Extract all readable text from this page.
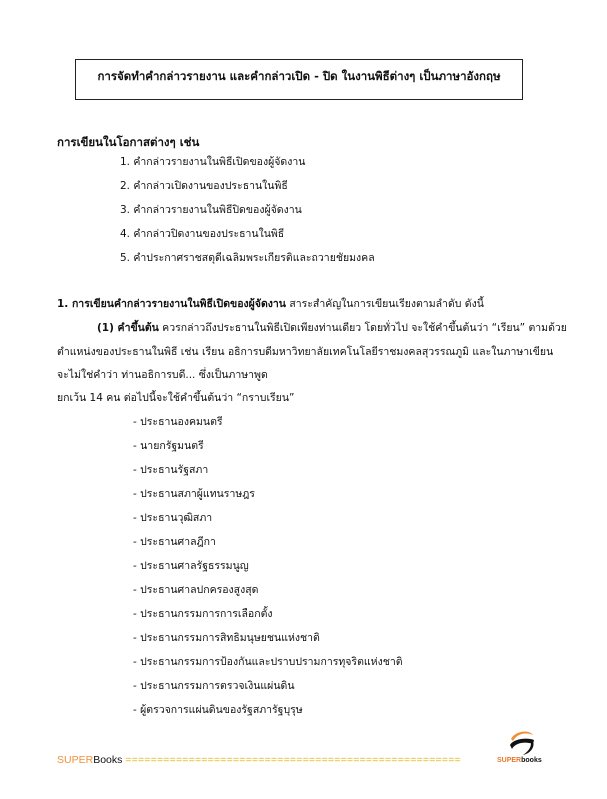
การจัดทำคำกล่าวรายงาน และคำกล่าวเปิด - ปิด ในงานพิธีต่างๆ เป็นภาษาอังกฤษ
การเขียนในโอกาสต่างๆ เช่น
1. คำกล่าวรายงานในพิธีเปิดของผู้จัดงาน
2. คำกล่าวเปิดงานของประธานในพิธี
3. คำกล่าวรายงานในพิธีปิดของผู้จัดงาน
4. คำกล่าวปิดงานของประธานในพิธี
5. คำประกาศราชสดุดีเฉลิมพระเกียรติและถวายชัยมงคล
1. การเขียนคำกล่าวรายงานในพิธีเปิดของผู้จัดงาน สาระสำคัญในการเขียนเรียงตามลำดับ ดังนี้
(1) คำขึ้นต้น ควรกล่าวถึงประธานในพิธีเปิดเพียงท่านเดียว โดยทั่วไป จะใช้คำขึ้นต้นว่า “เรียน” ตามด้วย
ตำแหน่งของประธานในพิธี เช่น เรียน อธิการบดีมหาวิทยาลัยเทคโนโลยีราชมงคลสุวรรณภูมิ และในภาษาเขียน
จะไม่ใช่คำว่า ท่านอธิการบดี... ซึ่งเป็นภาษาพูด
ยกเว้น 14 คน ต่อไปนี้จะใช้คำขึ้นต้นว่า “กราบเรียน”
- ประธานองคมนตรี
- นายกรัฐมนตรี
- ประธานรัฐสภา
- ประธานสภาผู้แทนราษฎร
- ประธานวุฒิสภา
- ประธานศาลฎีกา
- ประธานศาลรัฐธรรมนูญ
- ประธานศาลปกครองสูงสุด
- ประธานกรรมการการเลือกตั้ง
- ประธานกรรมการสิทธิมนุษยชนแห่งชาติ
- ประธานกรรมการป้องกันและปราบปรามการทุจริตแห่งชาติ
- ประธานกรรมการตรวจเงินแผ่นดิน
- ผู้ตรวจการแผ่นดินของรัฐสภารัฐบุรุษ
SUPERBooks =====================================================	SUPERbooks
